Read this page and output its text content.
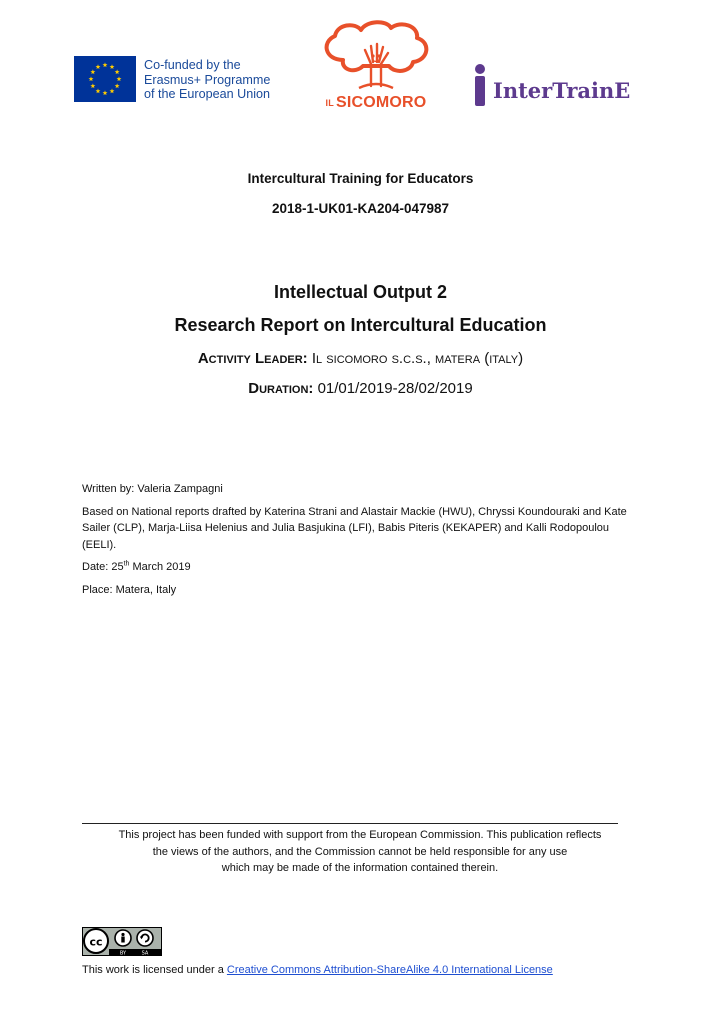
Co-funded by the
Erasmus+ Programme
of the European Union
IL SICOMORO	InterTrainE
Intercultural Training for Educators
2018-1-UK01-KA204-047987
Intellectual Output 2
Research Report on Intercultural Education
Activity Leader: Il sicomoro s.c.s., matera (italy)
Duration: 01/01/2019-28/02/2019

Written by: Valeria Zampagni

Based on National reports drafted by Katerina Strani and Alastair Mackie (HWU), Chryssi Koundouraki and Kate Sailer (CLP), Marja-Liisa Helenius and Julia Basjukina (LFI), Babis Piteris (KEKAPER) and Kalli Rodopoulou (EELI).

Date: 25th March 2019

Place: Matera, Italy

This project has been funded with support from the European Commission. This publication reflects
the views of the authors, and the Commission cannot be held responsible for any use
which may be made of the information contained therein.
cc
BY	SA
This work is licensed under a Creative Commons Attribution-ShareAlike 4.0 International License
